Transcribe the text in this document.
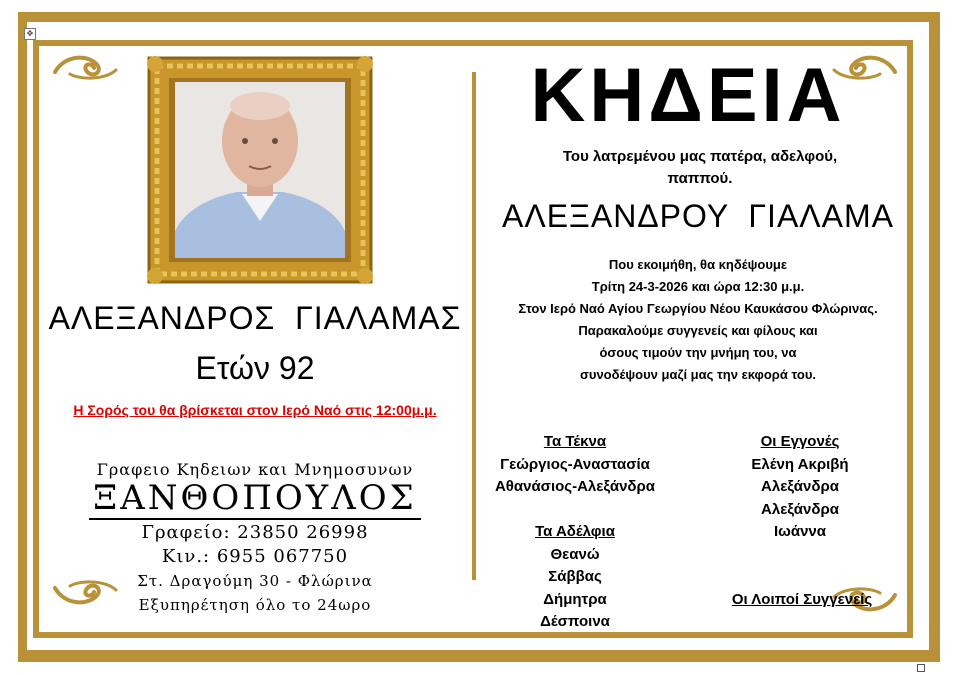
✥
ΑΛΕΞΑΝΔΡΟΣ  ΓΙΑΛΑΜΑΣ
Ετών 92
Η Σορός του θα βρίσκεται στον Ιερό Ναό στις 12:00μ.μ.
Γραφειο Κηδειων και Μνημοσυνων
ΞΑΝΘΟΠΟΥΛΟΣ
Γραφείο: 23850 26998
Κιν.: 6955 067750
Στ. Δραγούμη 30 - Φλώρινα
Εξυπηρέτηση όλο το 24ωρο
ΚΗΔΕΙΑ
Του λατρεμένου μας πατέρα, αδελφού,
παππού.
ΑΛΕΞΑΝΔΡΟΥ  ΓΙΑΛΑΜΑ
Που εκοιμήθη, θα κηδέψουμε
Τρίτη 24-3-2026 και ώρα 12:30 μ.μ.
Στον Ιερό Ναό Αγίου Γεωργίου Νέου Καυκάσου Φλώρινας.
Παρακαλούμε συγγενείς και φίλους και
όσους τιμούν την μνήμη του, να
συνοδέψουν μαζί μας την εκφορά του.
Τα Τέκνα
Γεώργιος-Αναστασία
Αθανάσιος-Αλεξάνδρα
Τα Αδέλφια
Θεανώ
Σάββας
Δήμητρα
Δέσποινα
Οι Εγγονές
Ελένη Ακριβή
Αλεξάνδρα
Αλεξάνδρα
Ιωάννα
Οι Λοιποί Συγγενείς
